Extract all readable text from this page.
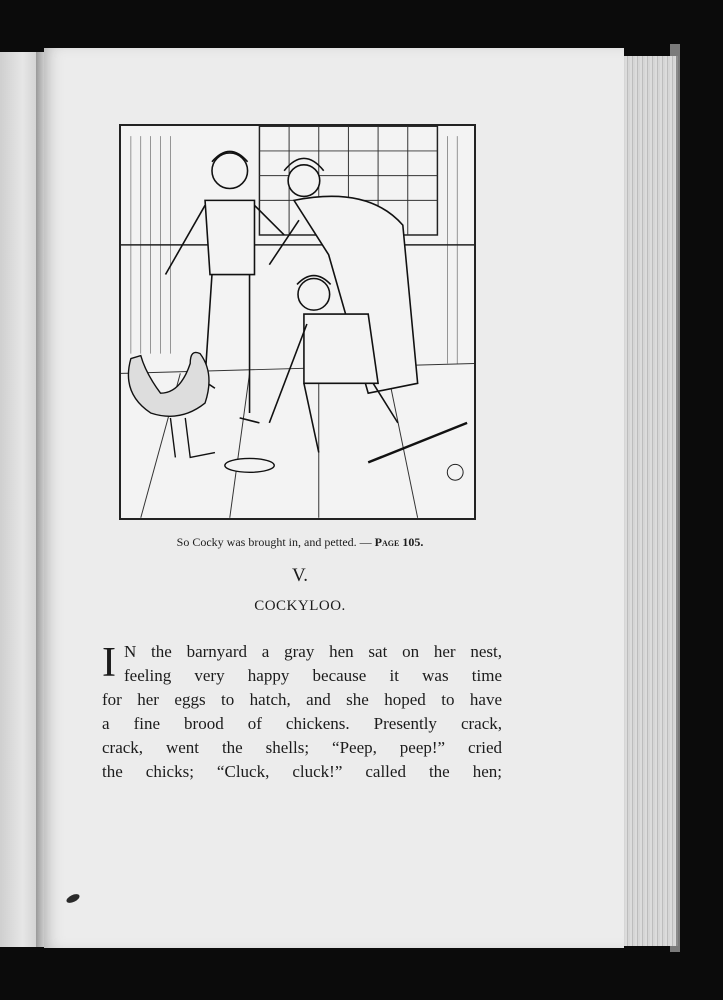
So Cocky was brought in, and petted. — Page 105.
V.
COCKYLOO.
I N the barnyard a gray hen sat on her nest,
feeling very happy because it was time
for her eggs to hatch, and she hoped to have
a fine brood of chickens. Presently crack,
crack, went the shells; “Peep, peep!” cried
the chicks; “Cluck, cluck!” called the hen;
